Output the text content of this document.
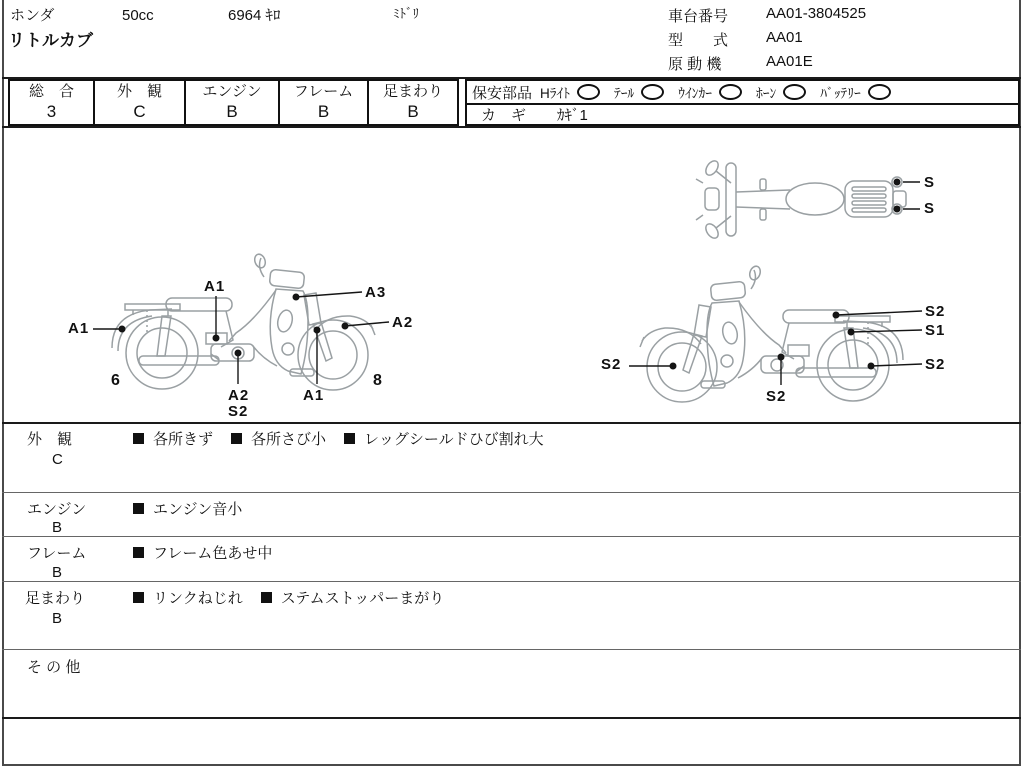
ホンダ
リトルカブ
50cc	6964 ｷﾛ	ﾐﾄﾞﾘ	車台番号	AA01-3804525
型　　式	AA01
原 動 機	AA01E
総　合
3
外　観
C
エンジン
B
フレーム
B
足まわり
B
保安部品 Hﾗｲﾄ	ﾃｰﾙ	ｳｲﾝｶｰ	ﾎｰﾝ	ﾊﾞｯﾃﾘｰ
カ　ギ	ｶｷﾞ1
A1
A1	A3
A2
A2
S2
A1
6	8
S
S
S2
S2
S1
S2
S2
外　観
C
各所きず	各所さび小	レッグシールドひび割れ大
エンジン
B
エンジン音小
フレーム
B
フレーム色あせ中
足まわり
B
リンクねじれ	ステムストッパーまがり
そ の 他
